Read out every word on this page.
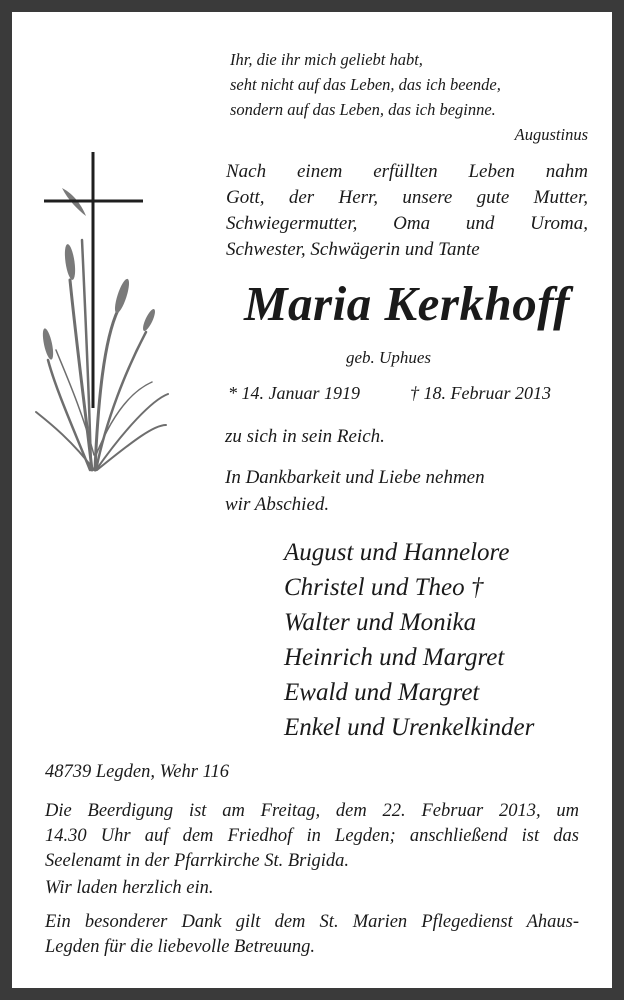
Ihr, die ihr mich geliebt habt,
seht nicht auf das Leben, das ich beende,
sondern auf das Leben, das ich beginne.
Augustinus
Nach einem erfüllten Leben nahm
Gott, der Herr, unsere gute Mutter,
Schwiegermutter, Oma und Uroma,
Schwester, Schwägerin und Tante
Maria Kerkhoff
geb. Uphues
* 14. Januar 1919	† 18. Februar 2013
zu sich in sein Reich.
In Dankbarkeit und Liebe nehmen
wir Abschied.
August und Hannelore
Christel und Theo †
Walter und Monika
Heinrich und Margret
Ewald und Margret
Enkel und Urenkelkinder
48739 Legden, Wehr 116
Die Beerdigung ist am Freitag, dem 22. Februar 2013, um
14.30 Uhr auf dem Friedhof in Legden; anschließend ist das
Seelenamt in der Pfarrkirche St. Brigida.
Wir laden herzlich ein.
Ein besonderer Dank gilt dem St. Marien Pflegedienst Ahaus-
Legden für die liebevolle Betreuung.
